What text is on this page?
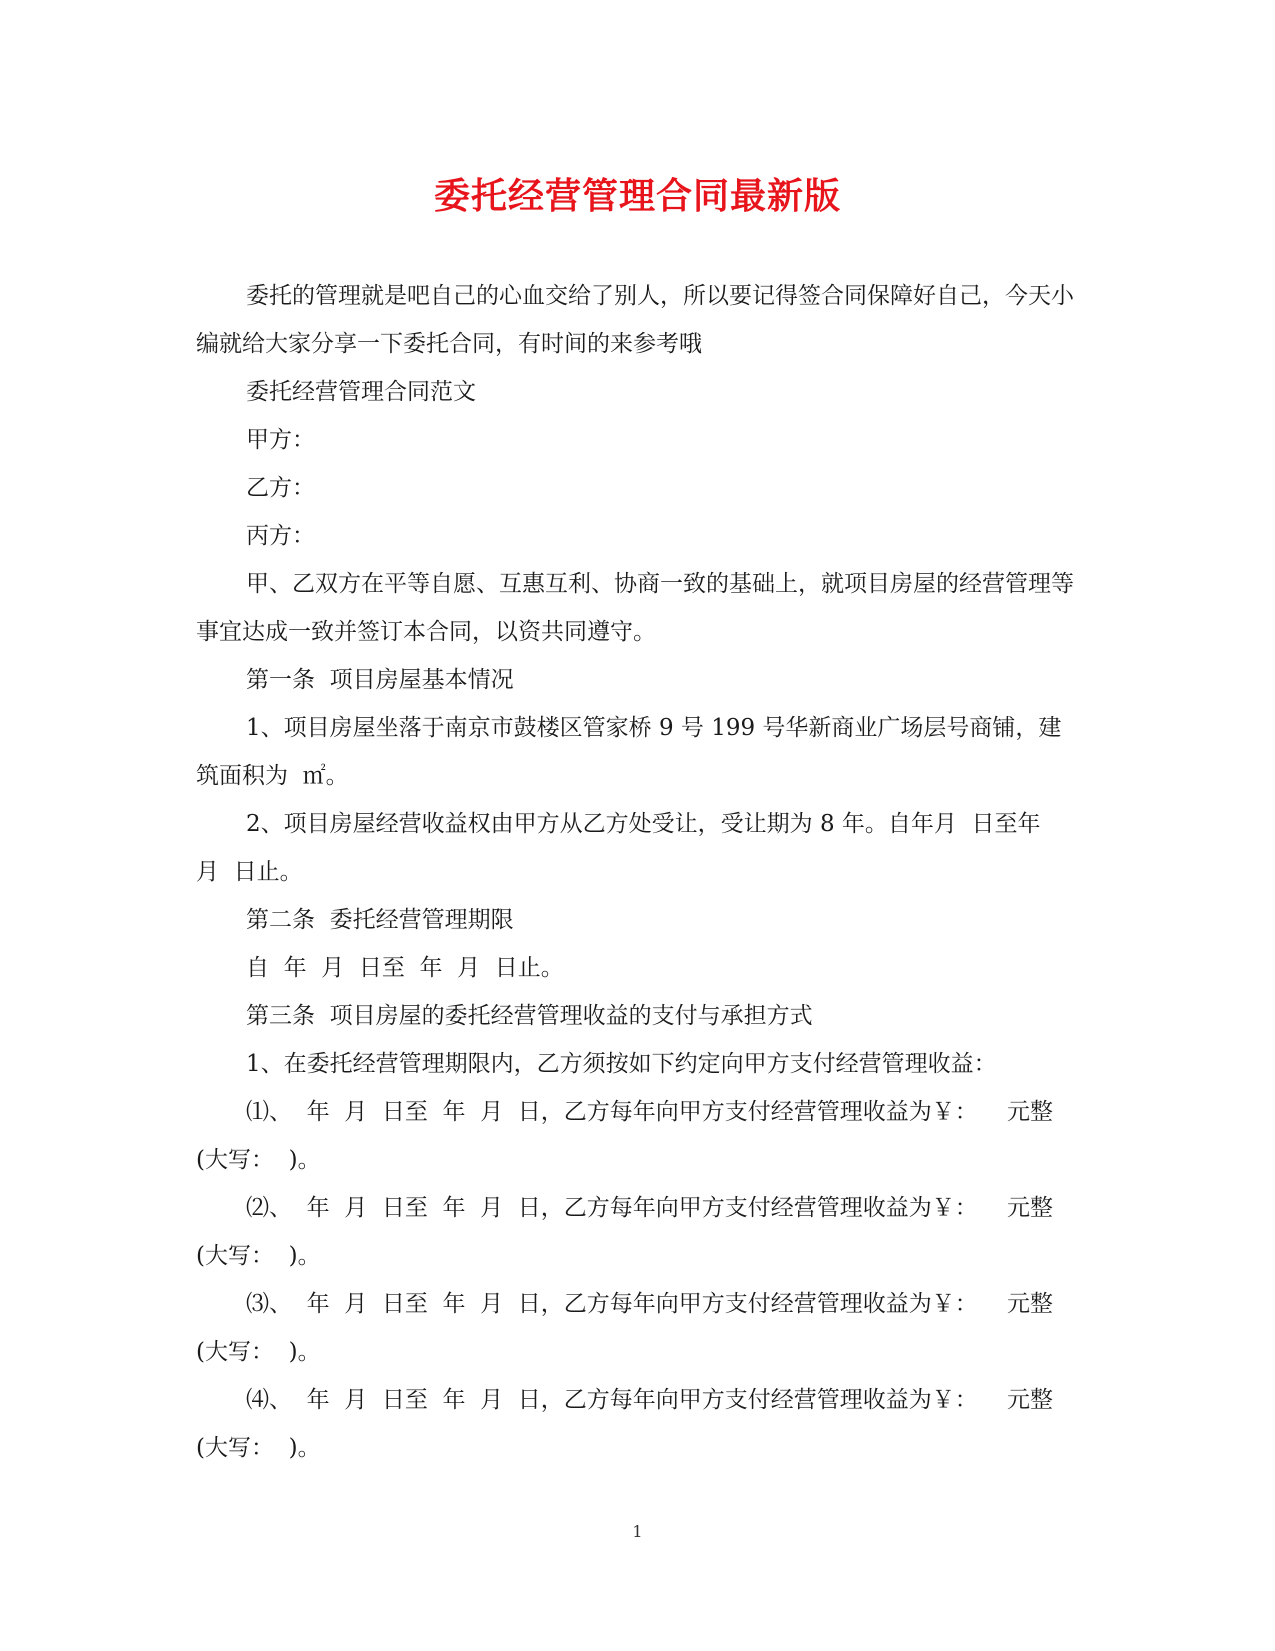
委托经营管理合同最新版

委托的管理就是吧自己的心血交给了别人，所以要记得签合同保障好自己，今天小编就给大家分享一下委托合同，有时间的来参考哦

委托经营管理合同范文

甲方：

乙方：

丙方：

甲、乙双方在平等自愿、互惠互利、协商一致的基础上，就项目房屋的经营管理等事宜达成一致并签订本合同，以资共同遵守。

第一条  项目房屋基本情况

1、项目房屋坐落于南京市鼓楼区管家桥 9 号 199 号华新商业广场层号商铺，建筑面积为  ㎡。

2、项目房屋经营收益权由甲方从乙方处受让，受让期为 8 年。自年月  日至年  月  日止。

第二条  委托经营管理期限

自  年  月  日至  年  月  日止。

第三条  项目房屋的委托经营管理收益的支付与承担方式

1、在委托经营管理期限内，乙方须按如下约定向甲方支付经营管理收益：

⑴、  年  月  日至  年  月  日，乙方每年向甲方支付经营管理收益为￥：    元整(大写：  )。

⑵、  年  月  日至  年  月  日，乙方每年向甲方支付经营管理收益为￥：    元整(大写：  )。

⑶、  年  月  日至  年  月  日，乙方每年向甲方支付经营管理收益为￥：    元整(大写：  )。

⑷、  年  月  日至  年  月  日，乙方每年向甲方支付经营管理收益为￥：    元整(大写：  )。

1
